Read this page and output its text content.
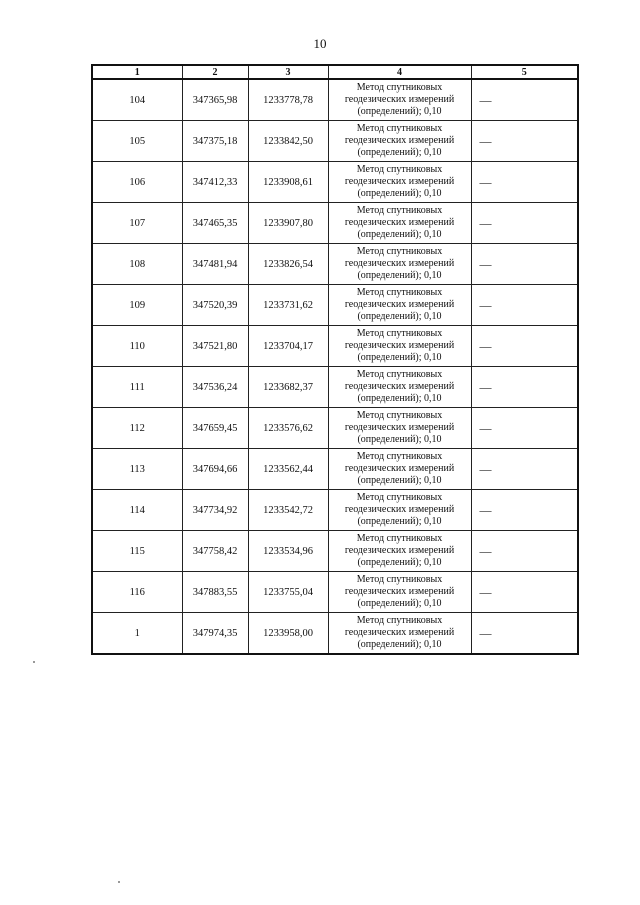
10
1	2	3	4	5
104	347365,98	1233778,78	Метод спутниковых
геодезических измерений
(определений); 0,10	—
105	347375,18	1233842,50	Метод спутниковых
геодезических измерений
(определений); 0,10	—
106	347412,33	1233908,61	Метод спутниковых
геодезических измерений
(определений); 0,10	—
107	347465,35	1233907,80	Метод спутниковых
геодезических измерений
(определений); 0,10	—
108	347481,94	1233826,54	Метод спутниковых
геодезических измерений
(определений); 0,10	—
109	347520,39	1233731,62	Метод спутниковых
геодезических измерений
(определений); 0,10	—
110	347521,80	1233704,17	Метод спутниковых
геодезических измерений
(определений); 0,10	—
111	347536,24	1233682,37	Метод спутниковых
геодезических измерений
(определений); 0,10	—
112	347659,45	1233576,62	Метод спутниковых
геодезических измерений
(определений); 0,10	—
113	347694,66	1233562,44	Метод спутниковых
геодезических измерений
(определений); 0,10	—
114	347734,92	1233542,72	Метод спутниковых
геодезических измерений
(определений); 0,10	—
115	347758,42	1233534,96	Метод спутниковых
геодезических измерений
(определений); 0,10	—
116	347883,55	1233755,04	Метод спутниковых
геодезических измерений
(определений); 0,10	—
1	347974,35	1233958,00	Метод спутниковых
геодезических измерений
(определений); 0,10	—
